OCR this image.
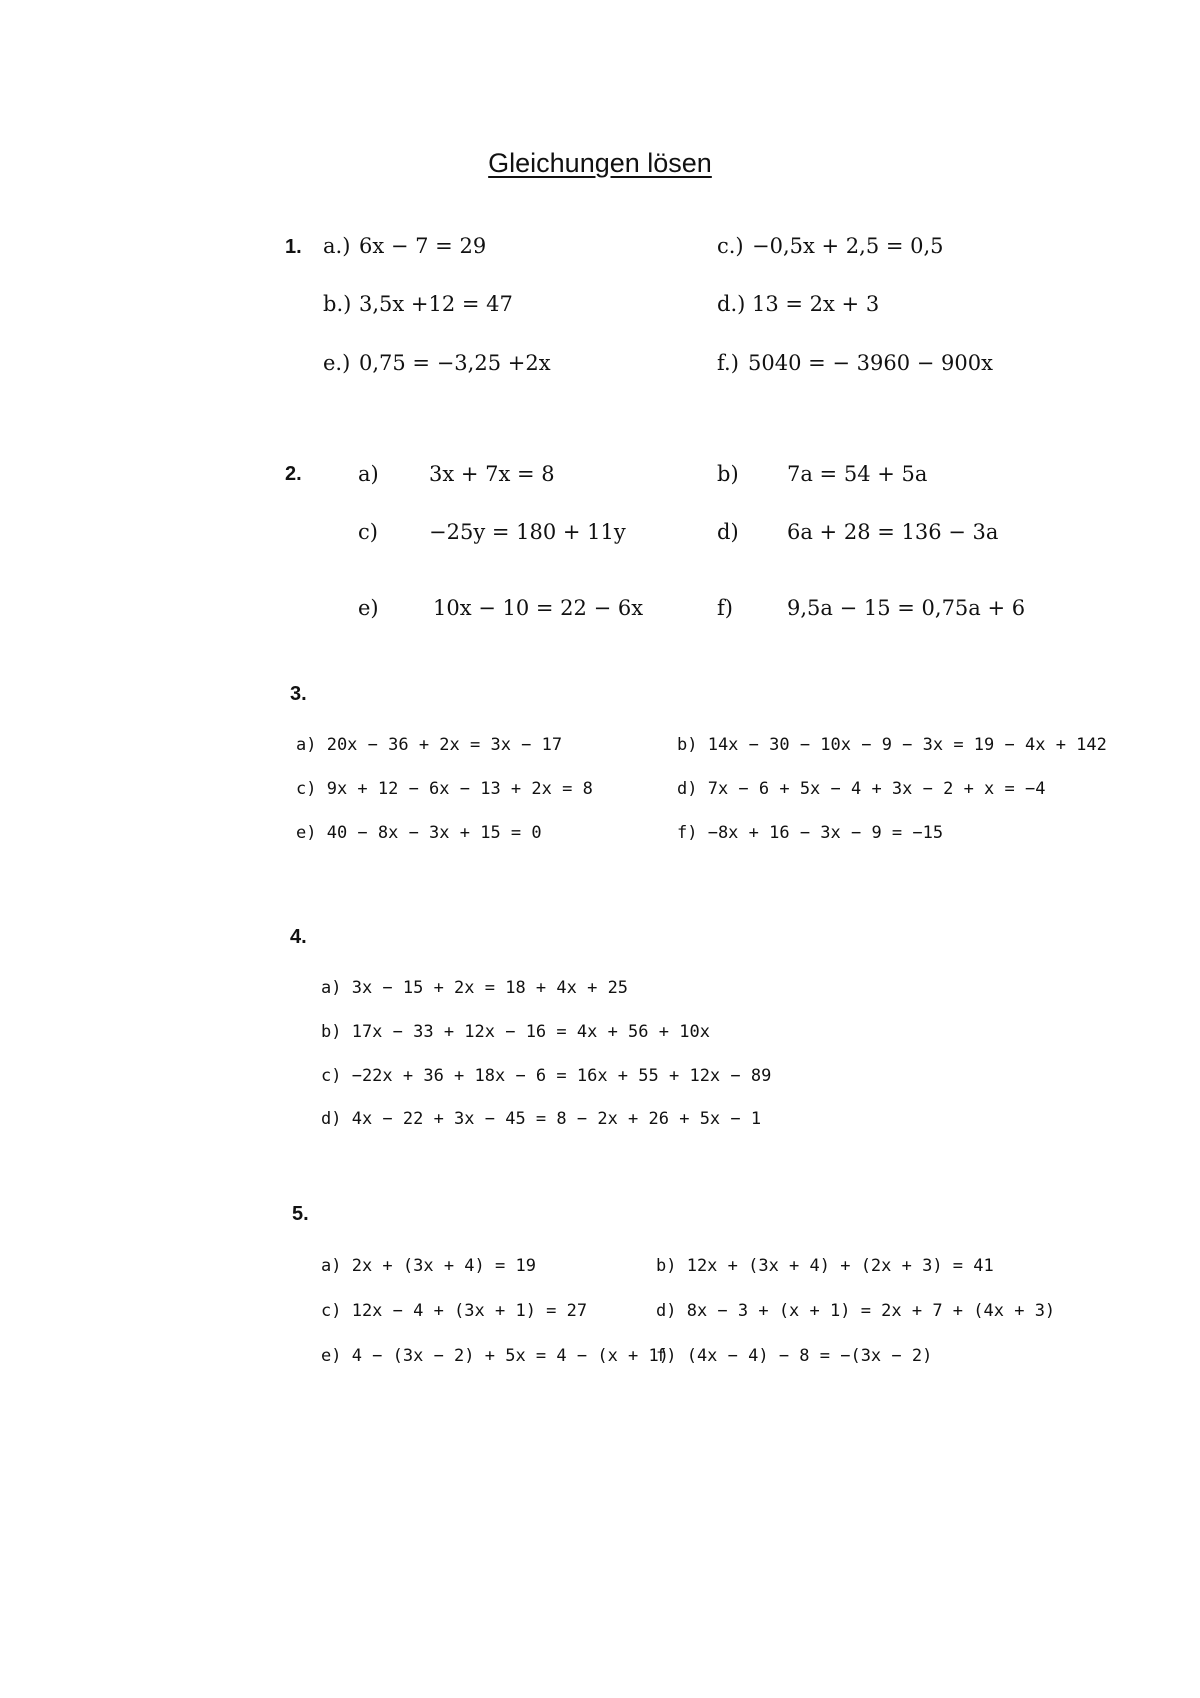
Gleichungen lösen
1. a.) 6x − 7 = 29	c.) −0,5x + 2,5 = 0,5
b.) 3,5x +12 = 47	d.) 13 = 2x + 3
e.) 0,75 = −3,25 +2x	f.) 5040 = − 3960 − 900x
2.	a) 3x + 7x = 8	b) 7a = 54 + 5a
c) −25y = 180 + 11y	d) 6a + 28 = 136 − 3a
e)	10x − 10 = 22 − 6x	f)	9,5a − 15 = 0,75a + 6
3.
a) 20x − 36 + 2x = 3x − 17	b) 14x − 30 − 10x − 9 − 3x = 19 − 4x + 142
c) 9x + 12 − 6x − 13 + 2x = 8	d) 7x − 6 + 5x − 4 + 3x − 2 + x = −4
e) 40 − 8x − 3x + 15 = 0	f) −8x + 16 − 3x − 9 = −15
4.
a) 3x − 15 + 2x = 18 + 4x + 25
b) 17x − 33 + 12x − 16 = 4x + 56 + 10x
c) −22x + 36 + 18x − 6 = 16x + 55 + 12x − 89
d) 4x − 22 + 3x − 45 = 8 − 2x + 26 + 5x − 1
5.
a) 2x + (3x + 4) = 19	b) 12x + (3x + 4) + (2x + 3) = 41
c) 12x − 4 + (3x + 1) = 27	d) 8x − 3 + (x + 1) = 2x + 7 + (4x + 3)
e) 4 − (3x − 2) + 5x = 4 − (x + 1)
f) (4x − 4) − 8 = −(3x − 2)
